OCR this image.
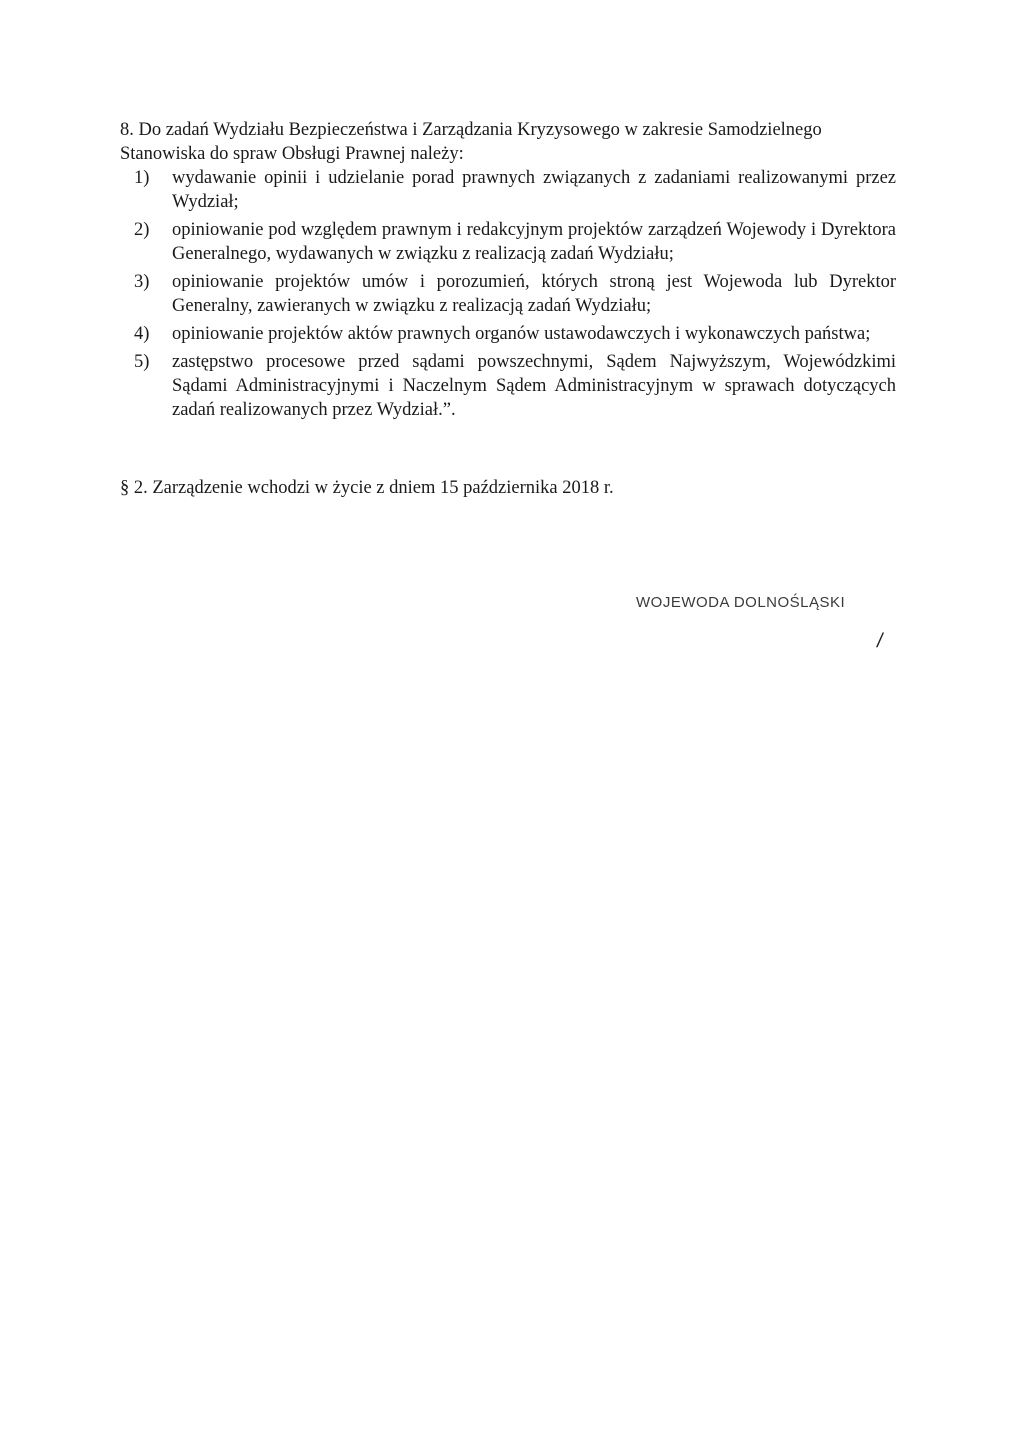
8. Do zadań Wydziału Bezpieczeństwa i Zarządzania Kryzysowego w zakresie Samodzielnego Stanowiska do spraw Obsługi Prawnej należy:

1)	wydawanie opinii i udzielanie porad prawnych związanych z zadaniami realizowanymi przez Wydział;
2)	opiniowanie pod względem prawnym i redakcyjnym projektów zarządzeń Wojewody i Dyrektora Generalnego, wydawanych w związku z realizacją zadań Wydziału;
3)	opiniowanie projektów umów i porozumień, których stroną jest Wojewoda lub Dyrektor Generalny, zawieranych w związku z realizacją zadań Wydziału;
4)	opiniowanie projektów aktów prawnych organów ustawodawczych i wykonawczych państwa;
5)	zastępstwo procesowe przed sądami powszechnymi, Sądem Najwyższym, Wojewódzkimi Sądami Administracyjnymi i Naczelnym Sądem Administracyjnym w sprawach dotyczących zadań realizowanych przez Wydział.”.

§ 2. Zarządzenie wchodzi w życie z dniem 15 października 2018 r.

WOJEWODA DOLNOŚLĄSKI
/
